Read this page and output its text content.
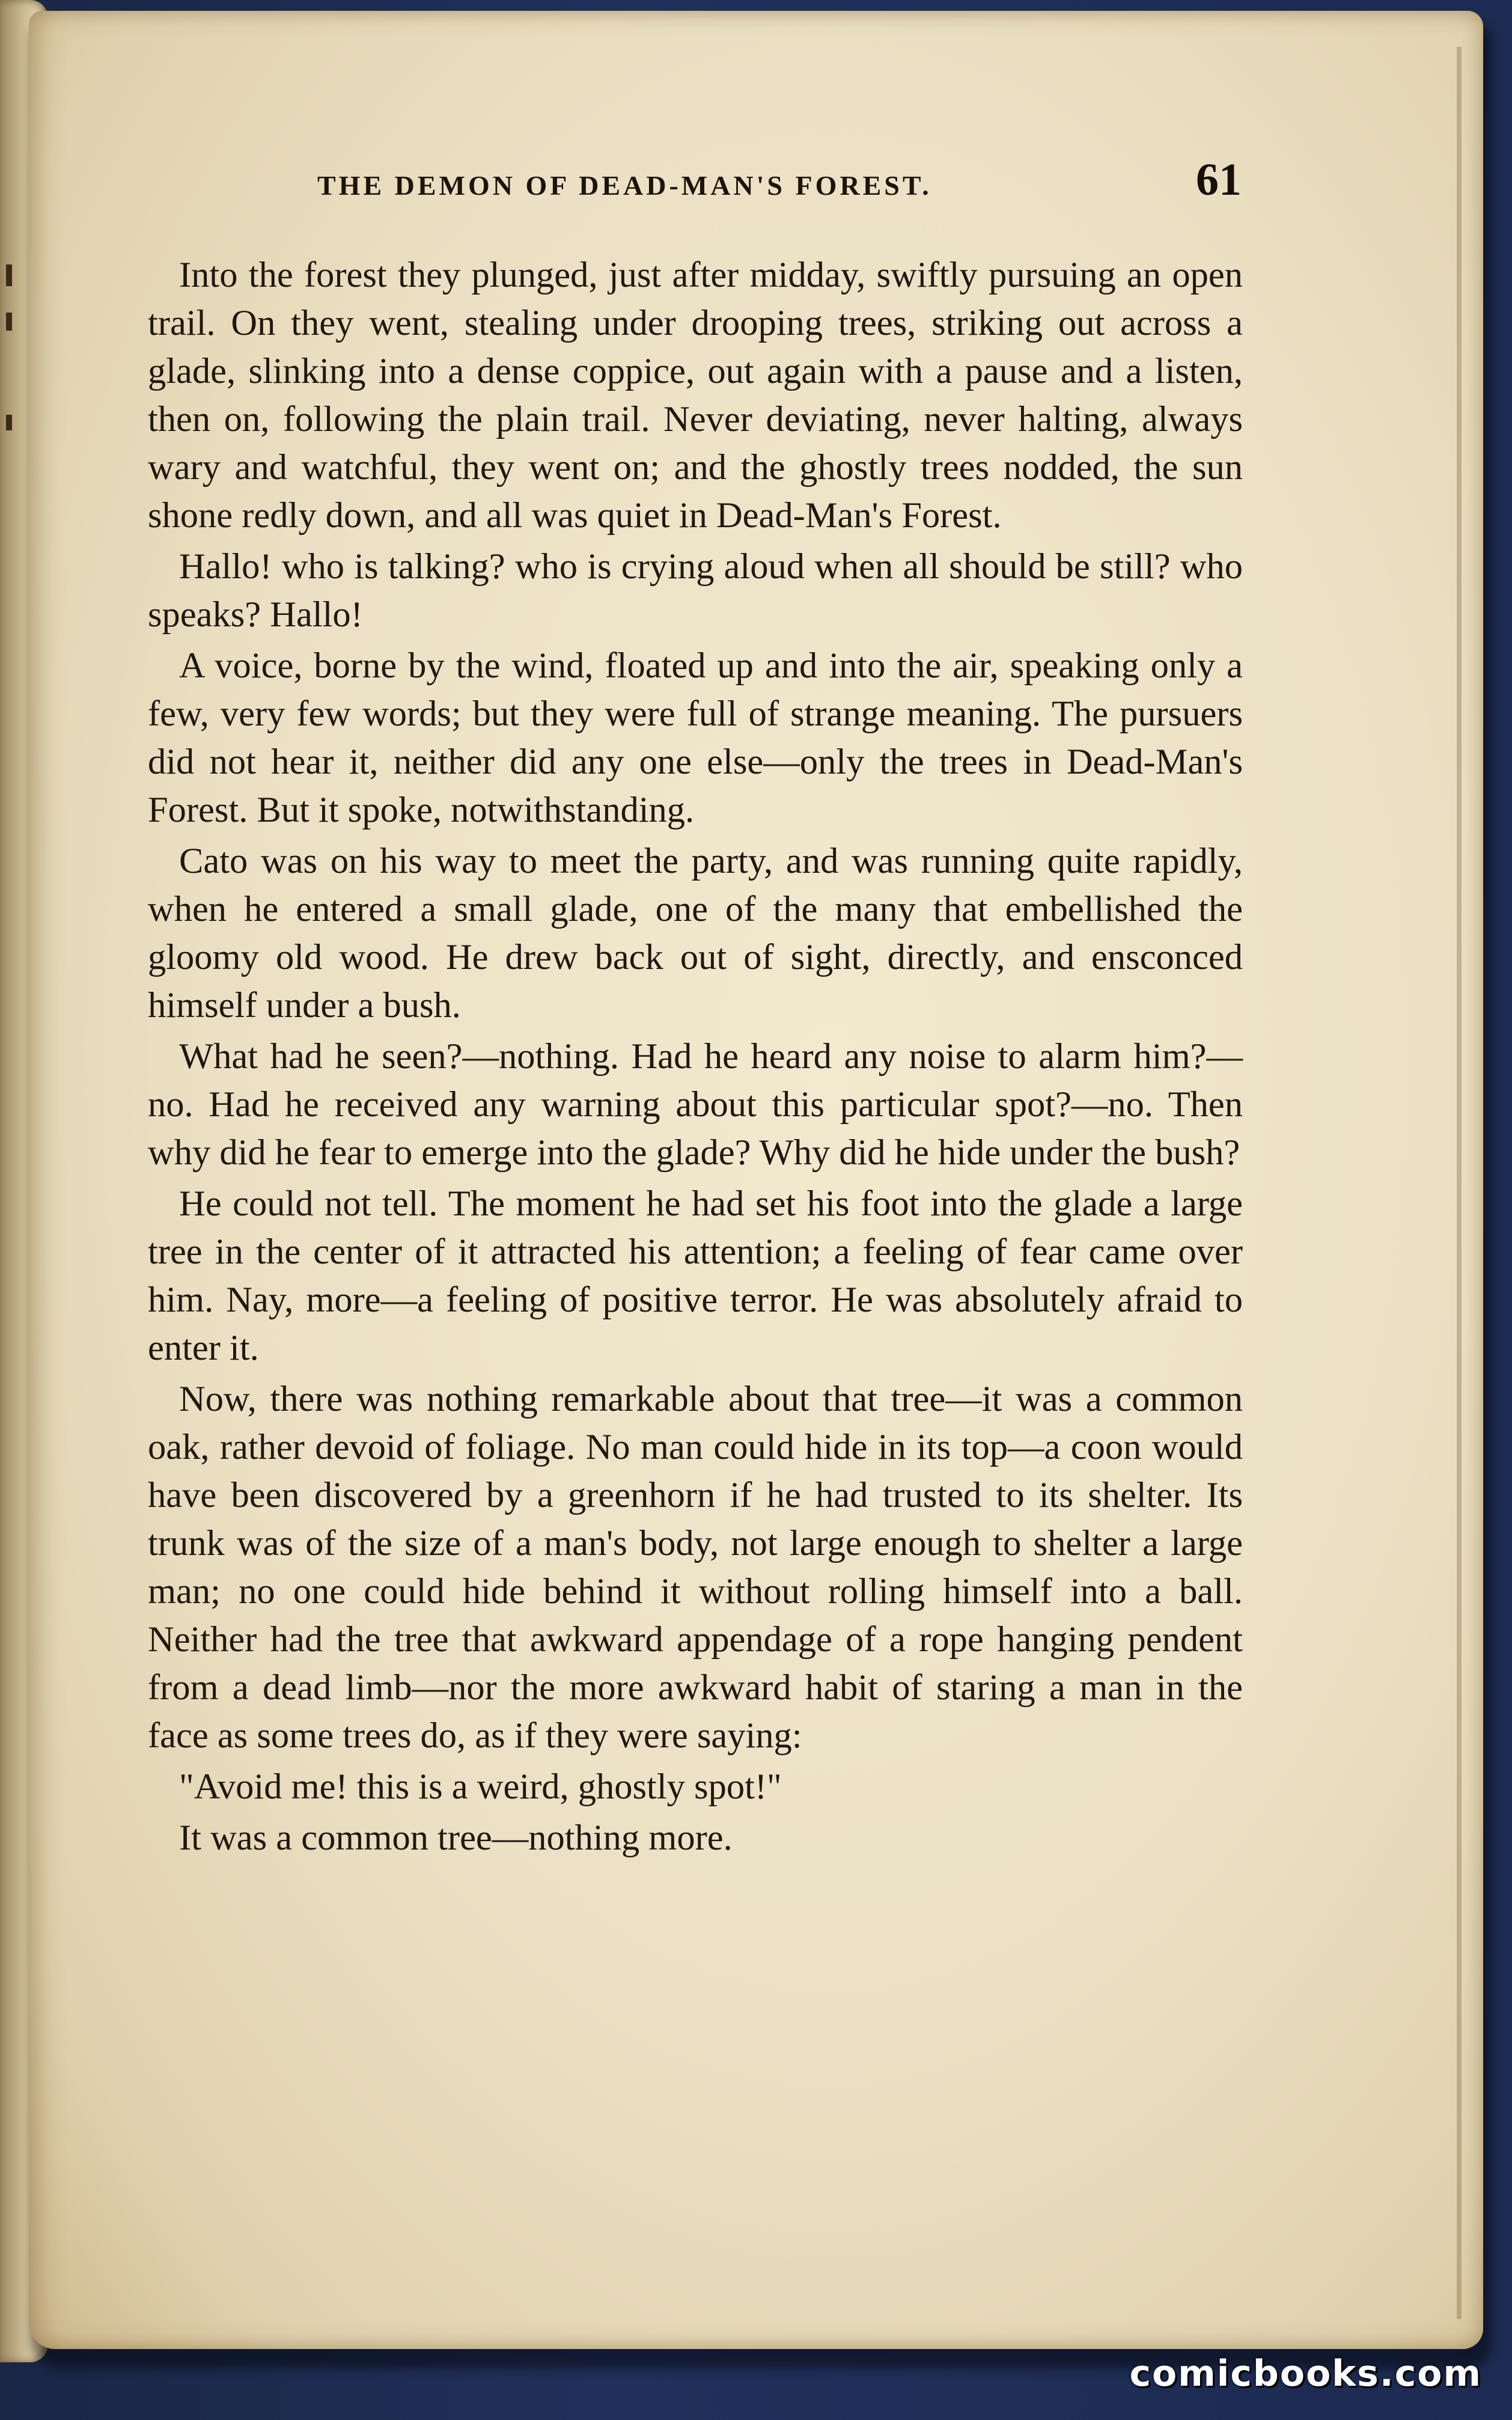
THE DEMON OF DEAD-MAN'S FOREST.	61

Into the forest they plunged, just after midday, swiftly pursuing an open trail. On they went, stealing under drooping trees, striking out across a glade, slinking into a dense coppice, out again with a pause and a listen, then on, following the plain trail. Never deviating, never halting, always wary and watchful, they went on; and the ghostly trees nodded, the sun shone redly down, and all was quiet in Dead-Man's Forest.

Hallo! who is talking? who is crying aloud when all should be still? who speaks? Hallo!

A voice, borne by the wind, floated up and into the air, speaking only a few, very few words; but they were full of strange meaning. The pursuers did not hear it, neither did any one else—only the trees in Dead-Man's Forest. But it spoke, notwithstanding.

Cato was on his way to meet the party, and was running quite rapidly, when he entered a small glade, one of the many that embellished the gloomy old wood. He drew back out of sight, directly, and ensconced himself under a bush.

What had he seen?—nothing. Had he heard any noise to alarm him?—no. Had he received any warning about this particular spot?—no. Then why did he fear to emerge into the glade? Why did he hide under the bush?

He could not tell. The moment he had set his foot into the glade a large tree in the center of it attracted his attention; a feeling of fear came over him. Nay, more—a feeling of positive terror. He was absolutely afraid to enter it.

Now, there was nothing remarkable about that tree—it was a common oak, rather devoid of foliage. No man could hide in its top—a coon would have been discovered by a greenhorn if he had trusted to its shelter. Its trunk was of the size of a man's body, not large enough to shelter a large man; no one could hide behind it without rolling himself into a ball. Neither had the tree that awkward appendage of a rope hanging pendent from a dead limb—nor the more awkward habit of staring a man in the face as some trees do, as if they were saying:

"Avoid me! this is a weird, ghostly spot!"

It was a common tree—nothing more.

comicbooks.com
